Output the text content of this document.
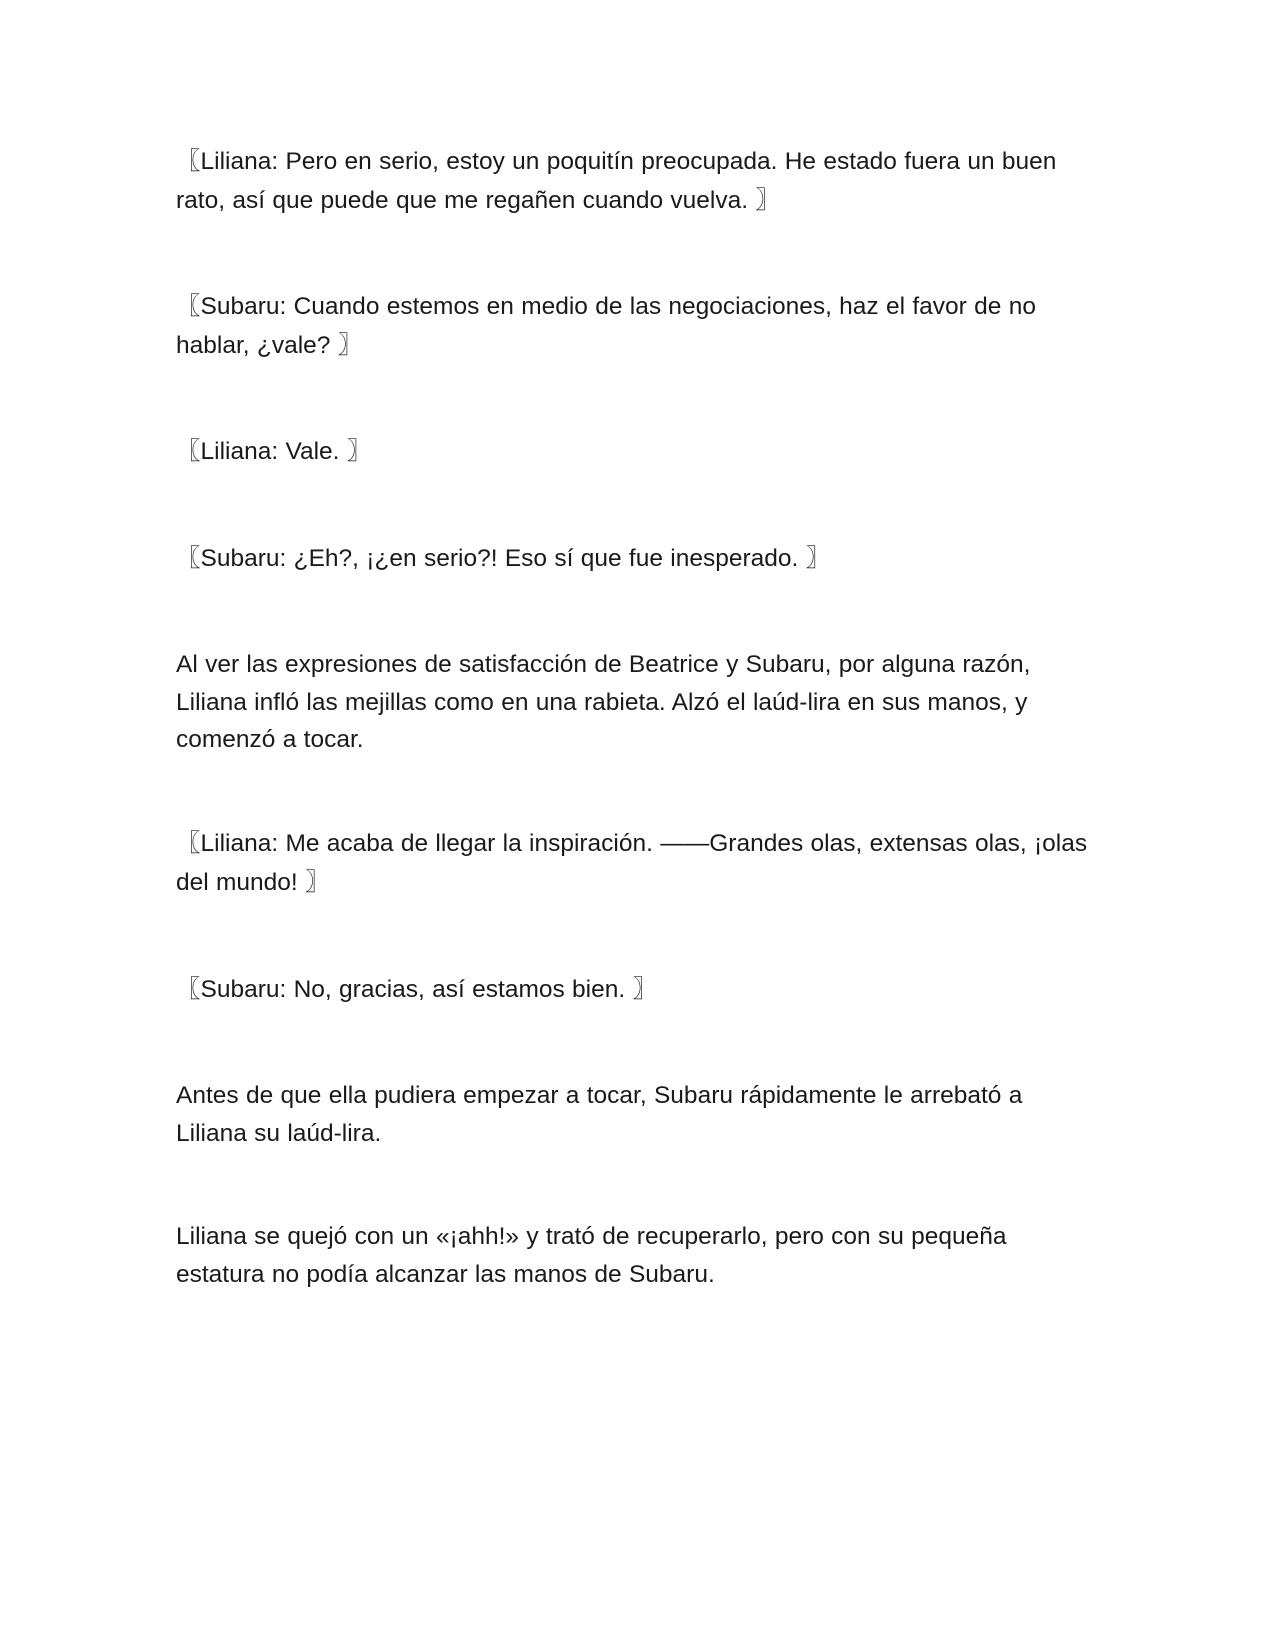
〖Liliana: Pero en serio, estoy un poquitín preocupada. He estado fuera un buen rato, así que puede que me regañen cuando vuelva. 〗

〖Subaru: Cuando estemos en medio de las negociaciones, haz el favor de no hablar, ¿vale? 〗

〖Liliana: Vale. 〗

〖Subaru: ¿Eh?, ¡¿en serio?! Eso sí que fue inesperado. 〗

Al ver las expresiones de satisfacción de Beatrice y Subaru, por alguna razón, Liliana infló las mejillas como en una rabieta. Alzó el laúd-lira en sus manos, y comenzó a tocar.

〖Liliana: Me acaba de llegar la inspiración. ——Grandes olas, extensas olas, ¡olas del mundo! 〗

〖Subaru: No, gracias, así estamos bien. 〗

Antes de que ella pudiera empezar a tocar, Subaru rápidamente le arrebató a Liliana su laúd-lira.

Liliana se quejó con un «¡ahh!» y trató de recuperarlo, pero con su pequeña estatura no podía alcanzar las manos de Subaru.
